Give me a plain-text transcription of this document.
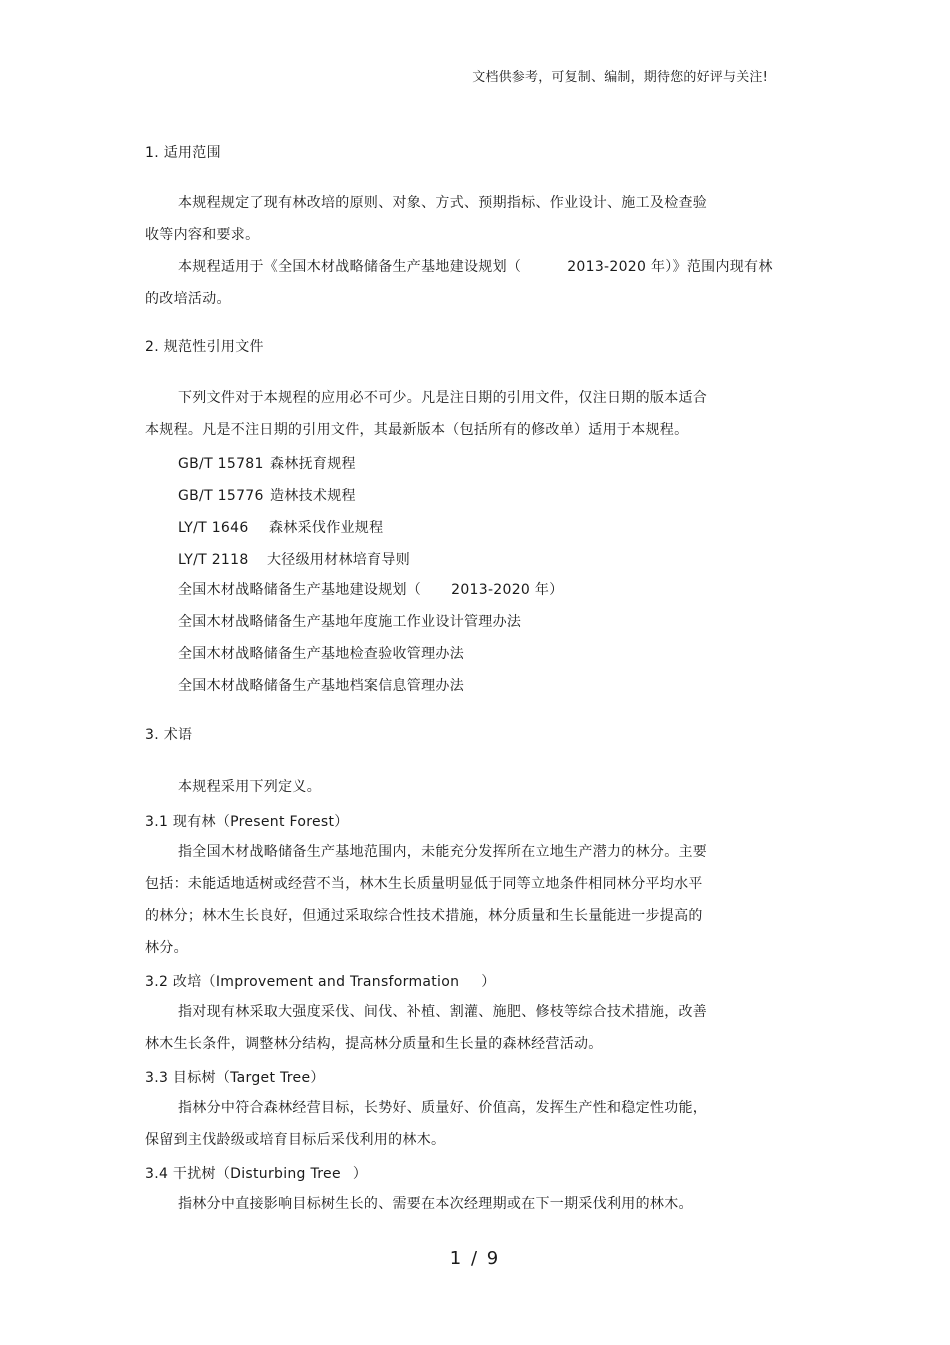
文档供参考，可复制、编制，期待您的好评与关注!
1. 适用范围
本规程规定了现有林改培的原则、对象、方式、预期指标、作业设计、施工及检查验
收等内容和要求。
本规程适用于《全国木材战略储备生产基地建设规划（	2013-2020 年）》范围内现有林
的改培活动。
2. 规范性引用文件
下列文件对于本规程的应用必不可少。凡是注日期的引用文件，仅注日期的版本适合
本规程。凡是不注日期的引用文件，其最新版本（包括所有的修改单）适用于本规程。
GB/T 15781 森林抚育规程
GB/T 15776 造林技术规程
LY/T 1646 森林采伐作业规程
LY/T 2118 大径级用材林培育导则
全国木材战略储备生产基地建设规划（ 2013-2020 年）
全国木材战略储备生产基地年度施工作业设计管理办法
全国木材战略储备生产基地检查验收管理办法
全国木材战略储备生产基地档案信息管理办法
3. 术语
本规程采用下列定义。
3.1 现有林（Present Forest）
指全国木材战略储备生产基地范围内，未能充分发挥所在立地生产潜力的林分。主要
包括：未能适地适树或经营不当，林木生长质量明显低于同等立地条件相同林分平均水平
的林分；林木生长良好，但通过采取综合性技术措施，林分质量和生长量能进一步提高的
林分。
3.2 改培（Improvement and Transformation ）
指对现有林采取大强度采伐、间伐、补植、割灌、施肥、修枝等综合技术措施，改善
林木生长条件，调整林分结构，提高林分质量和生长量的森林经营活动。
3.3 目标树（Target Tree）
指林分中符合森林经营目标，长势好、质量好、价值高，发挥生产性和稳定性功能，
保留到主伐龄级或培育目标后采伐利用的林木。
3.4 干扰树（Disturbing Tree ）
指林分中直接影响目标树生长的、需要在本次经理期或在下一期采伐利用的林木。
1 / 9
